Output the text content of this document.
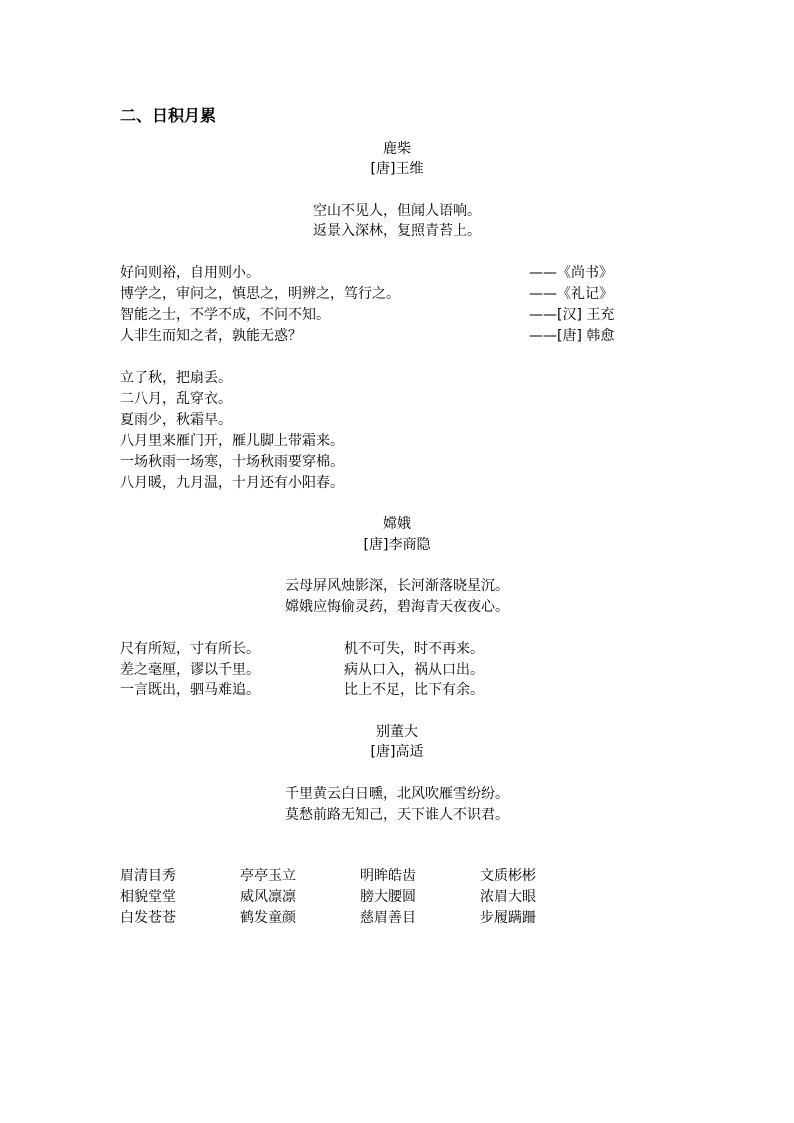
二、日积月累
鹿柴
[唐]王维
空山不见人，但闻人语响。
返景入深林，复照青苔上。
好问则裕，自用则小。	——《尚书》
博学之，审问之，慎思之，明辨之，笃行之。	——《礼记》
智能之士，不学不成，不问不知。	——[汉] 王充
人非生而知之者，孰能无惑？	——[唐] 韩愈
立了秋，把扇丢。
二八月，乱穿衣。
夏雨少，秋霜早。
八月里来雁门开，雁儿脚上带霜来。
一场秋雨一场寒，十场秋雨要穿棉。
八月暖，九月温，十月还有小阳春。
嫦娥
[唐]李商隐
云母屏风烛影深，长河渐落晓星沉。
嫦娥应悔偷灵药，碧海青天夜夜心。
尺有所短，寸有所长。	机不可失，时不再来。
差之毫厘，谬以千里。	病从口入，祸从口出。
一言既出，驷马难追。	比上不足，比下有余。
别董大
[唐]高适
千里黄云白日曛，北风吹雁雪纷纷。
莫愁前路无知己，天下谁人不识君。
眉清目秀	亭亭玉立	明眸皓齿	文质彬彬
相貌堂堂	威风凛凛	膀大腰圆	浓眉大眼
白发苍苍	鹤发童颜	慈眉善目	步履蹒跚
